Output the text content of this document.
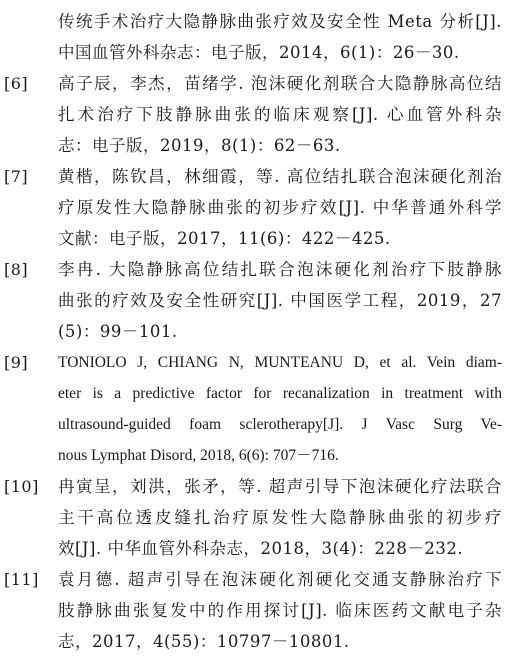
传统手术治疗大隐静脉曲张疗效及安全性 Meta 分析[J].
中国血管外科杂志：电子版，2014，6(1)：26－30.
[6]	高子辰，李杰，苗绪学. 泡沫硬化剂联合大隐静脉高位结
扎术治疗下肢静脉曲张的临床观察[J]. 心血管外科杂
志：电子版，2019，8(1)：62－63.
[7]	黄楷，陈钦昌，林细霞，等. 高位结扎联合泡沫硬化剂治
疗原发性大隐静脉曲张的初步疗效[J]. 中华普通外科学
文献：电子版，2017，11(6)：422－425.
[8]	李冉. 大隐静脉高位结扎联合泡沫硬化剂治疗下肢静脉
曲张的疗效及安全性研究[J]. 中国医学工程，2019，27
(5)：99－101.
[9]	TONIOLO J, CHIANG N, MUNTEANU D, et al. Vein diam-
eter is a predictive factor for recanalization in treatment with
ultrasound-guided foam sclerotherapy[J]. J Vasc Surg Ve-
nous Lymphat Disord, 2018, 6(6): 707－716.
[10]	冉寅呈，刘洪，张矛，等. 超声引导下泡沫硬化疗法联合
主干高位透皮缝扎治疗原发性大隐静脉曲张的初步疗
效[J]. 中华血管外科杂志，2018，3(4)：228－232.
[11]	袁月德. 超声引导在泡沫硬化剂硬化交通支静脉治疗下
肢静脉曲张复发中的作用探讨[J]. 临床医药文献电子杂
志，2017，4(55)：10797－10801.
